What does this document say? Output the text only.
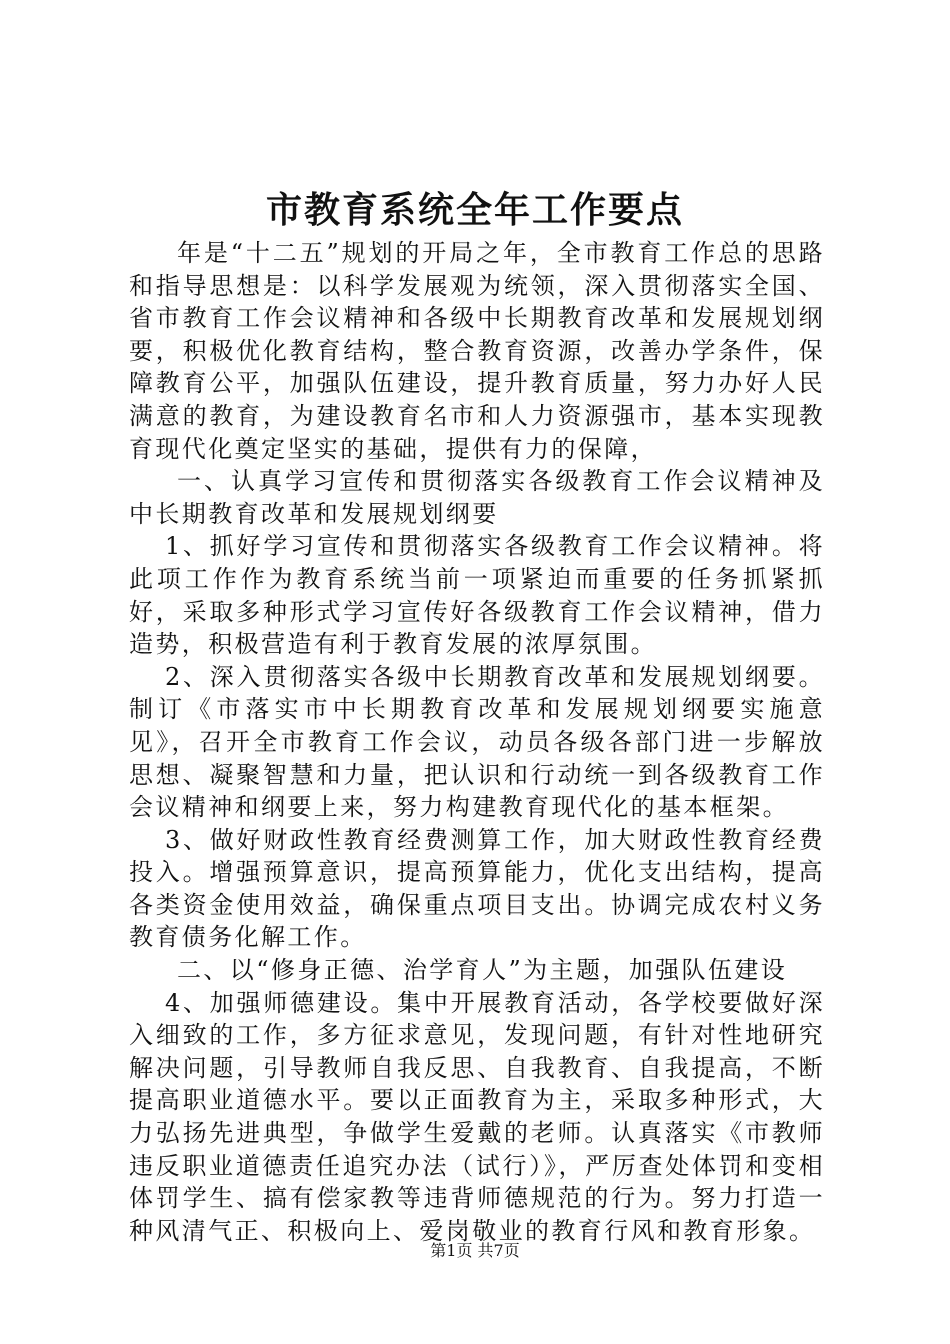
市教育系统全年工作要点

年是“十二五”规划的开局之年，全市教育工作总的思路和指导思想是：以科学发展观为统领，深入贯彻落实全国、省市教育工作会议精神和各级中长期教育改革和发展规划纲要，积极优化教育结构，整合教育资源，改善办学条件，保障教育公平，加强队伍建设，提升教育质量，努力办好人民满意的教育，为建设教育名市和人力资源强市，基本实现教育现代化奠定坚实的基础，提供有力的保障，

一、认真学习宣传和贯彻落实各级教育工作会议精神及中长期教育改革和发展规划纲要

1、抓好学习宣传和贯彻落实各级教育工作会议精神。将此项工作作为教育系统当前一项紧迫而重要的任务抓紧抓好，采取多种形式学习宣传好各级教育工作会议精神，借力造势，积极营造有利于教育发展的浓厚氛围。

2、深入贯彻落实各级中长期教育改革和发展规划纲要。制订《市落实市中长期教育改革和发展规划纲要实施意见》，召开全市教育工作会议，动员各级各部门进一步解放思想、凝聚智慧和力量，把认识和行动统一到各级教育工作会议精神和纲要上来，努力构建教育现代化的基本框架。

3、做好财政性教育经费测算工作，加大财政性教育经费投入。增强预算意识，提高预算能力，优化支出结构，提高各类资金使用效益，确保重点项目支出。协调完成农村义务教育债务化解工作。

二、以“修身正德、治学育人”为主题，加强队伍建设

4、加强师德建设。集中开展教育活动，各学校要做好深入细致的工作，多方征求意见，发现问题，有针对性地研究解决问题，引导教师自我反思、自我教育、自我提高，不断提高职业道德水平。要以正面教育为主，采取多种形式，大力弘扬先进典型，争做学生爱戴的老师。认真落实《市教师违反职业道德责任追究办法（试行）》，严厉查处体罚和变相体罚学生、搞有偿家教等违背师德规范的行为。努力打造一种风清气正、积极向上、爱岗敬业的教育行风和教育形象。

第1页 共7页
